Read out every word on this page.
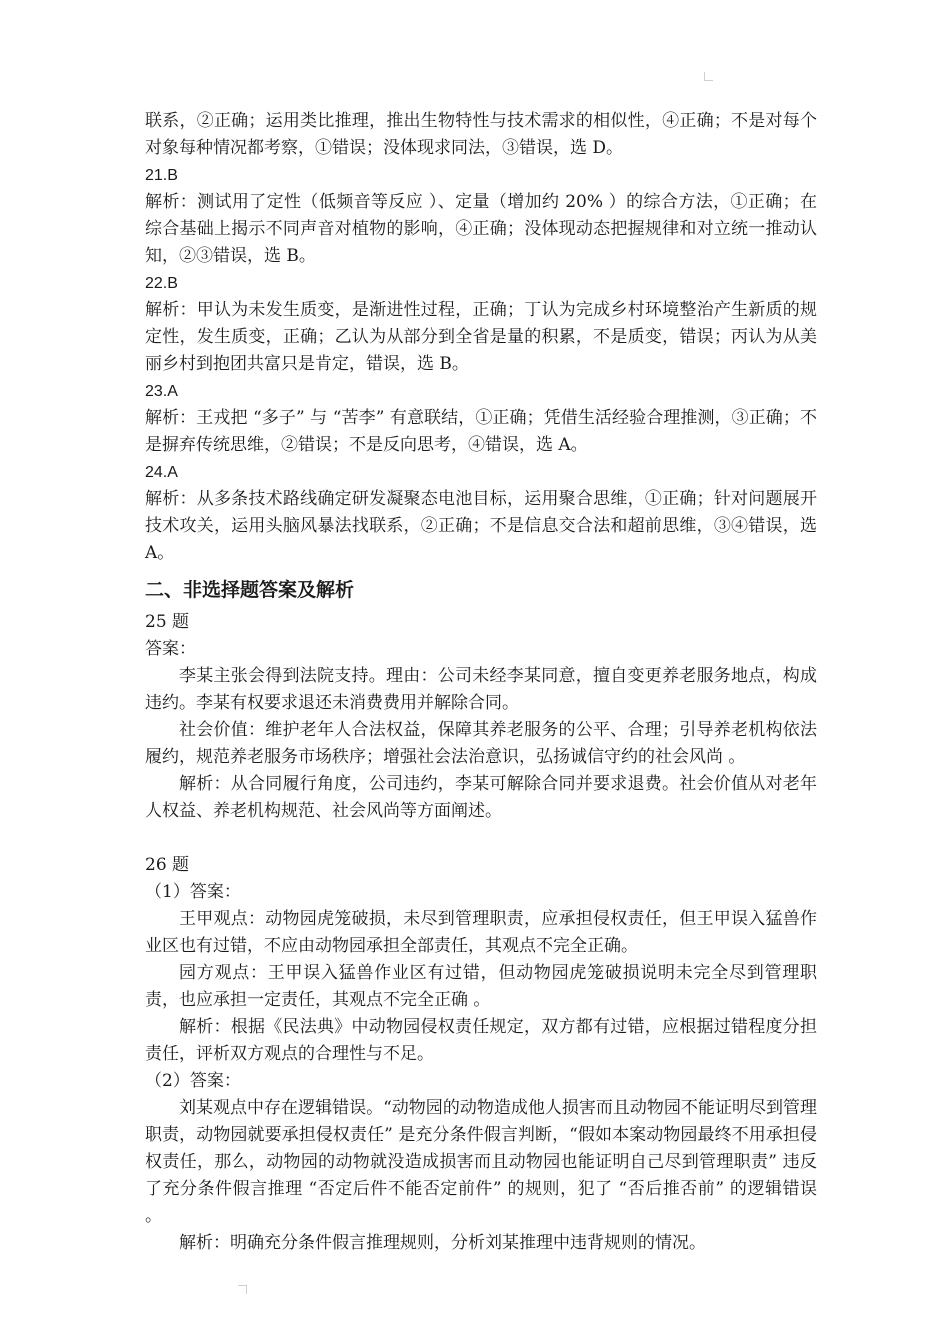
联系，②正确；运用类比推理，推出生物特性与技术需求的相似性，④正确；不是对每个对象每种情况都考察，①错误；没体现求同法，③错误，选 D。

21.B

解析：测试用了定性（低频音等反应 ）、定量（增加约 20% ）的综合方法，①正确；在综合基础上揭示不同声音对植物的影响，④正确；没体现动态把握规律和对立统一推动认知，②③错误，选 B。

22.B

解析：甲认为未发生质变，是渐进性过程，正确；丁认为完成乡村环境整治产生新质的规定性，发生质变，正确；乙认为从部分到全省是量的积累，不是质变，错误；丙认为从美丽乡村到抱团共富只是肯定，错误，选 B。

23.A

解析：王戎把 “多子” 与 “苦李” 有意联结，①正确；凭借生活经验合理推测，③正确；不是摒弃传统思维，②错误；不是反向思考，④错误，选 A。

24.A

解析：从多条技术路线确定研发凝聚态电池目标，运用聚合思维，①正确；针对问题展开技术攻关，运用头脑风暴法找联系，②正确；不是信息交合法和超前思维，③④错误，选 A。

二、非选择题答案及解析

25 题

答案：

李某主张会得到法院支持。理由：公司未经李某同意，擅自变更养老服务地点，构成违约。李某有权要求退还未消费费用并解除合同。

社会价值：维护老年人合法权益，保障其养老服务的公平、合理；引导养老机构依法履约，规范养老服务市场秩序；增强社会法治意识，弘扬诚信守约的社会风尚 。

解析：从合同履行角度，公司违约，李某可解除合同并要求退费。社会价值从对老年人权益、养老机构规范、社会风尚等方面阐述。

26 题

（1）答案：

王甲观点：动物园虎笼破损，未尽到管理职责，应承担侵权责任，但王甲误入猛兽作业区也有过错，不应由动物园承担全部责任，其观点不完全正确。

园方观点：王甲误入猛兽作业区有过错，但动物园虎笼破损说明未完全尽到管理职责，也应承担一定责任，其观点不完全正确 。

解析：根据《民法典》中动物园侵权责任规定，双方都有过错，应根据过错程度分担责任，评析双方观点的合理性与不足。

（2）答案：

刘某观点中存在逻辑错误。“动物园的动物造成他人损害而且动物园不能证明尽到管理职责，动物园就要承担侵权责任” 是充分条件假言判断，“假如本案动物园最终不用承担侵权责任，那么，动物园的动物就没造成损害而且动物园也能证明自己尽到管理职责” 违反了充分条件假言推理 “否定后件不能否定前件” 的规则，犯了 “否后推否前” 的逻辑错误 。

解析：明确充分条件假言推理规则，分析刘某推理中违背规则的情况。
